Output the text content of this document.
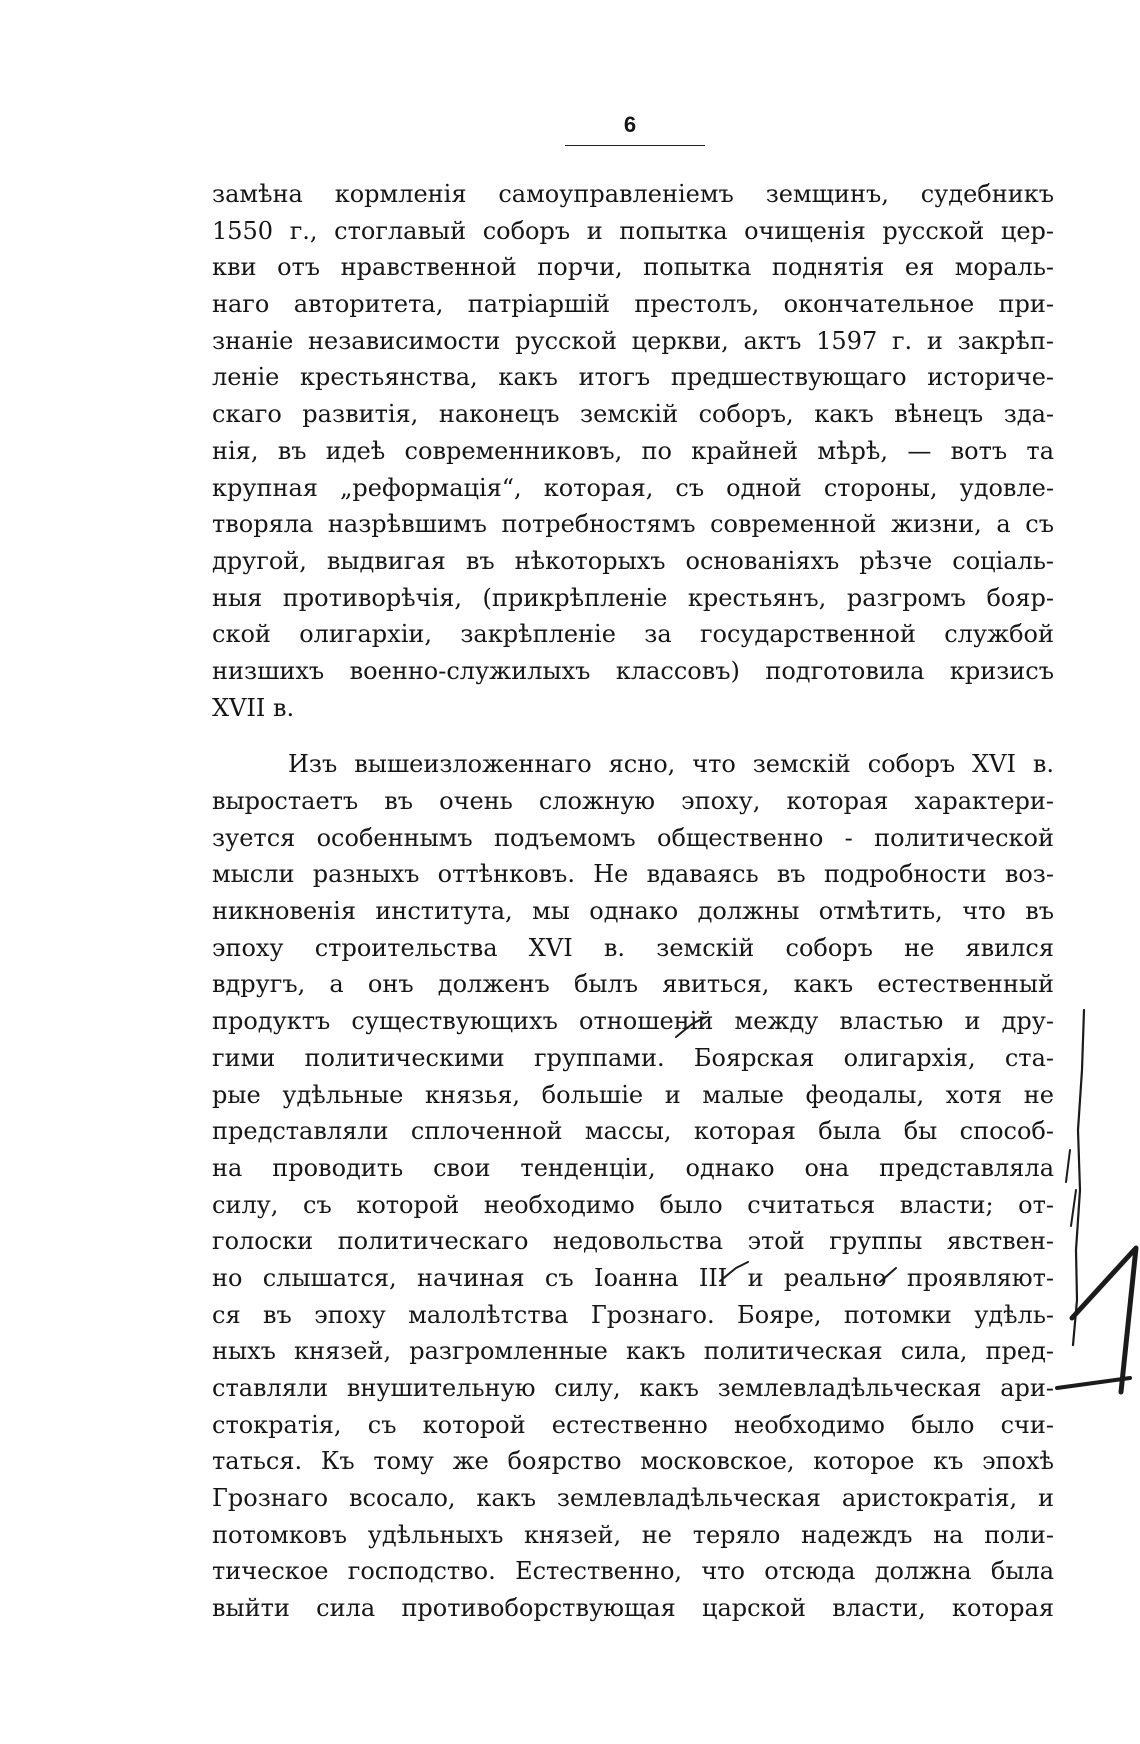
6
замѣна кормленія самоуправленіемъ земщинъ, судебникъ
1550 г., стоглавый соборъ и попытка очищенія русской цер-
кви отъ нравственной порчи, попытка поднятія ея мораль-
наго авторитета, патріаршій престолъ, окончательное при-
знаніе независимости русской церкви, актъ 1597 г. и закрѣп-
леніе крестьянства, какъ итогъ предшествующаго историче-
скаго развитія, наконецъ земскій соборъ, какъ вѣнецъ зда-
нія, въ идеѣ современниковъ, по крайней мѣрѣ, — вотъ та
крупная „реформація“, которая, съ одной стороны, удовле-
творяла назрѣвшимъ потребностямъ современной жизни, а съ
другой, выдвигая въ нѣкоторыхъ основаніяхъ рѣзче соціаль-
ныя противорѣчія, (прикрѣпленіе крестьянъ, разгромъ бояр-
ской олигархіи, закрѣпленіе за государственной службой
низшихъ военно-служилыхъ классовъ) подготовила кризисъ
XVII в.
Изъ вышеизложеннаго ясно, что земскій соборъ XVI в.
выростаетъ въ очень сложную эпоху, которая характери-
зуется особеннымъ подъемомъ общественно - политической
мысли разныхъ оттѣнковъ. Не вдаваясь въ подробности воз-
никновенія института, мы однако должны отмѣтить, что въ
эпоху строительства XVI в. земскій соборъ не явился
вдругъ, а онъ долженъ былъ явиться, какъ естественный
продуктъ существующихъ отношеній между властью и дру-
гими политическими группами. Боярская олигархія, ста-
рые удѣльные князья, большіе и малые феодалы, хотя не
представляли сплоченной массы, которая была бы способ-
на проводить свои тенденціи, однако она представляла
силу, съ которой необходимо было считаться власти; от-
голоски политическаго недовольства этой группы явствен-
но слышатся, начиная съ Іоанна III и реально проявляют-
ся въ эпоху малолѣтства Грознаго. Бояре, потомки удѣль-
ныхъ князей, разгромленные какъ политическая сила, пред-
ставляли внушительную силу, какъ землевладѣльческая ари-
стократія, съ которой естественно необходимо было счи-
таться. Къ тому же боярство московское, которое къ эпохѣ
Грознаго всосало, какъ землевладѣльческая аристократія, и
потомковъ удѣльныхъ князей, не теряло надеждъ на поли-
тическое господство. Естественно, что отсюда должна была
выйти сила противоборствующая царской власти, которая
